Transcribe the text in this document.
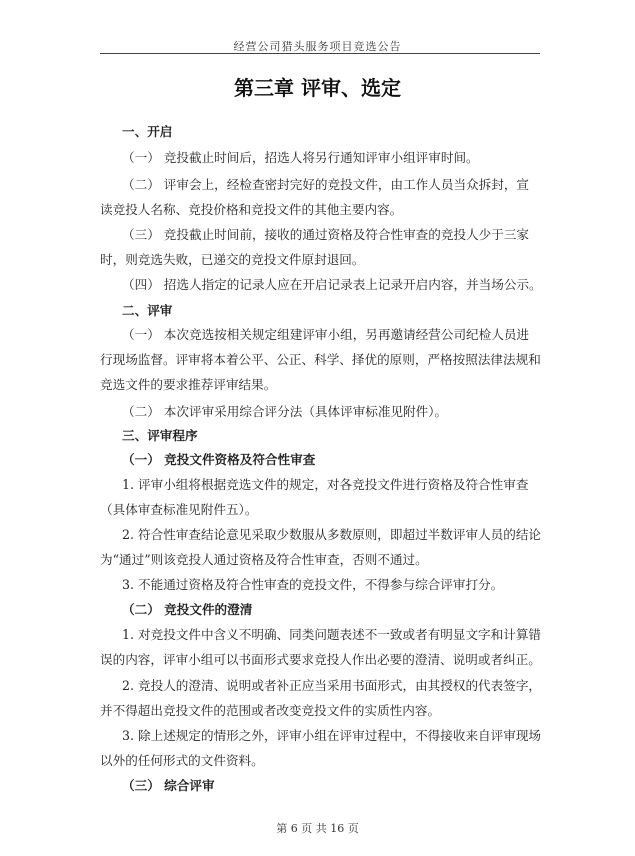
经营公司猎头服务项目竞选公告
第三章 评审、选定
一、开启
（一） 竞投截止时间后，招选人将另行通知评审小组评审时间。
（二） 评审会上，经检查密封完好的竞投文件，由工作人员当众拆封，宣
读竞投人名称、竞投价格和竞投文件的其他主要内容。
（三） 竞投截止时间前，接收的通过资格及符合性审查的竞投人少于三家
时，则竞选失败，已递交的竞投文件原封退回。
（四） 招选人指定的记录人应在开启记录表上记录开启内容，并当场公示。
二、评审
（一） 本次竞选按相关规定组建评审小组，另再邀请经营公司纪检人员进
行现场监督。评审将本着公平、公正、科学、择优的原则，严格按照法律法规和
竞选文件的要求推荐评审结果。
（二） 本次评审采用综合评分法（具体评审标准见附件）。
三、评审程序
（一） 竞投文件资格及符合性审查
1. 评审小组将根据竞选文件的规定，对各竞投文件进行资格及符合性审查
（具体审查标准见附件五）。
2. 符合性审查结论意见采取少数服从多数原则，即超过半数评审人员的结论
为“通过”则该竞投人通过资格及符合性审查，否则不通过。
3. 不能通过资格及符合性审查的竞投文件，不得参与综合评审打分。
（二） 竞投文件的澄清
1. 对竞投文件中含义不明确、同类问题表述不一致或者有明显文字和计算错
误的内容，评审小组可以书面形式要求竞投人作出必要的澄清、说明或者纠正。
2. 竞投人的澄清、说明或者补正应当采用书面形式，由其授权的代表签字，
并不得超出竞投文件的范围或者改变竞投文件的实质性内容。
3. 除上述规定的情形之外，评审小组在评审过程中，不得接收来自评审现场
以外的任何形式的文件资料。
（三） 综合评审
第 6 页 共 16 页
